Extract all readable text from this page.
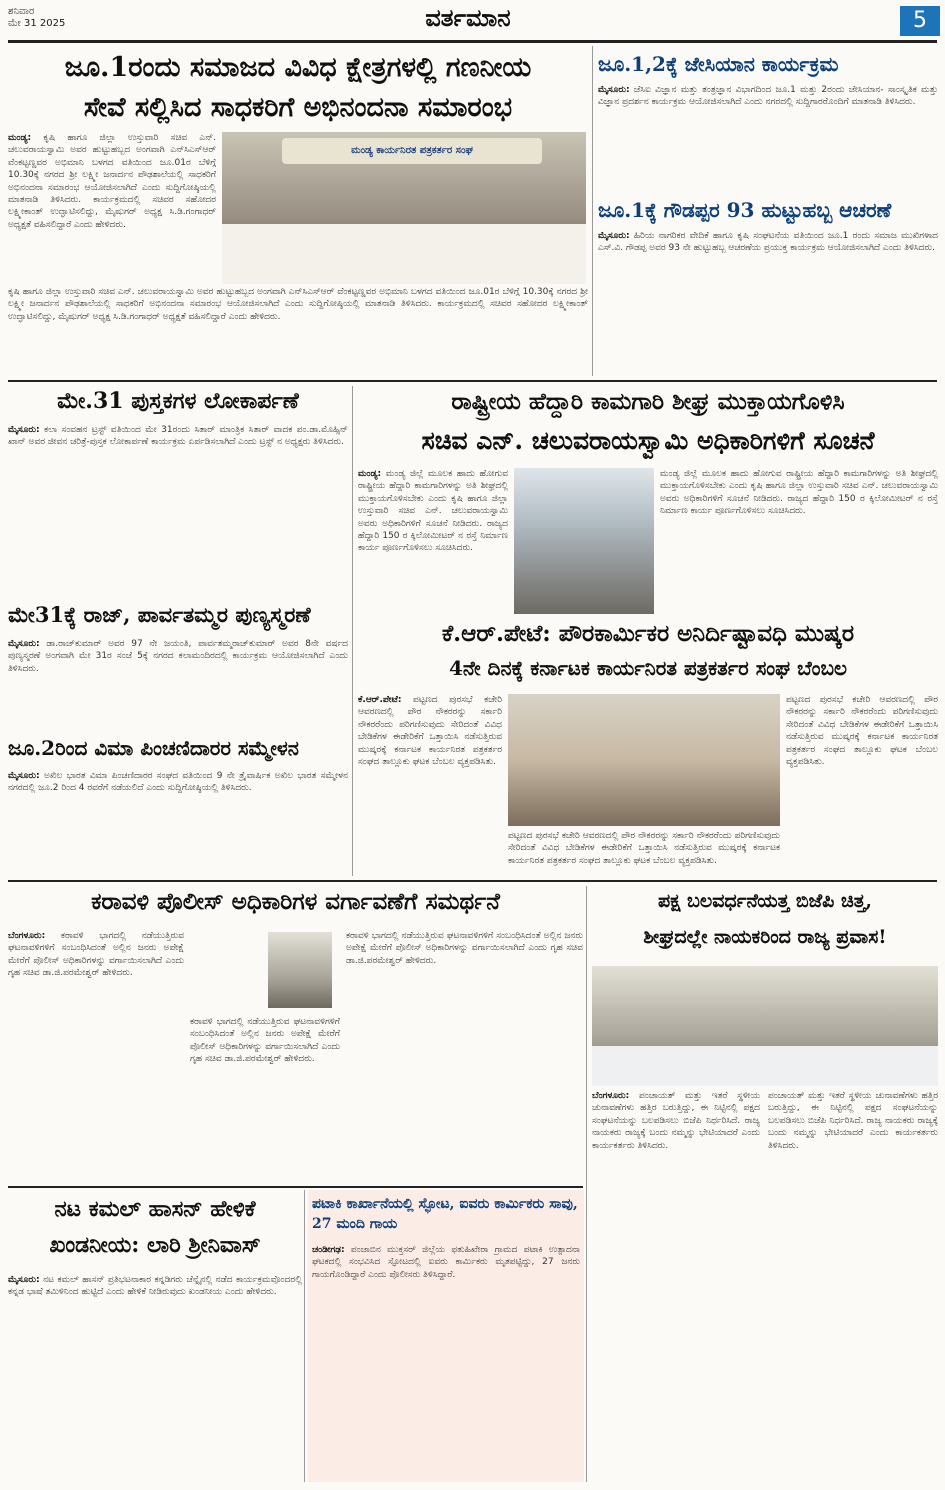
ಶನಿವಾರ
ಮೇ 31 2025	ವರ್ತಮಾನ	5
ಜೂ.1ರಂದು ಸಮಾಜದ ವಿವಿಧ ಕ್ಷೇತ್ರಗಳಲ್ಲಿ ಗಣನೀಯ
ಸೇವೆ ಸಲ್ಲಿಸಿದ ಸಾಧಕರಿಗೆ ಅಭಿನಂದನಾ ಸಮಾರಂಭ
ಮಂಡ್ಯ: ಕೃಷಿ ಹಾಗೂ ಜಿಲ್ಲಾ ಉಸ್ತುವಾರಿ ಸಚಿವ ಎನ್. ಚಲುವರಾಯಸ್ವಾಮಿ ಅವರ ಹುಟ್ಟುಹಬ್ಬದ ಅಂಗವಾಗಿ ಎನ್‌ಸಿಎಸ್‌ಆರ್ ವೆಂಕಟ್ಟಣ್ಣವರ ಅಭಿಮಾನಿ ಬಳಗದ ವತಿಯಿಂದ ಜೂ.01ರ ಬೆಳಿಗ್ಗೆ 10.30ಕ್ಕೆ ನಗರದ ಶ್ರೀ ಲಕ್ಷ್ಮೀ ಜನಾರ್ದನ ಪೌಢಶಾಲೆಯಲ್ಲಿ ಸಾಧಕರಿಗೆ ಅಭಿನಂದನಾ ಸಮಾರಂಭ ಆಯೋಜಿಸಲಾಗಿದೆ ಎಂದು ಸುದ್ದಿಗೋಷ್ಠಿಯಲ್ಲಿ ಮಾತನಾಡಿ ತಿಳಿಸಿದರು. ಕಾರ್ಯಕ್ರಮದಲ್ಲಿ ಸಚಿವರ ಸಹೋದರ ಲಕ್ಷ್ಮೀಕಾಂತ್ ಉದ್ಘಾಟಿಸಲಿದ್ದು, ಮೈಷುಗರ್ ಅಧ್ಯಕ್ಷ ಸಿ.ಡಿ.ಗಂಗಾಧರ್ ಅಧ್ಯಕ್ಷತೆ ವಹಿಸಲಿದ್ದಾರೆ ಎಂದು ಹೇಳಿದರು.
ಮಂಡ್ಯ ಕಾರ್ಯನಿರತ ಪತ್ರಕರ್ತರ ಸಂಘ
ಕೃಷಿ ಹಾಗೂ ಜಿಲ್ಲಾ ಉಸ್ತುವಾರಿ ಸಚಿವ ಎನ್. ಚಲುವರಾಯಸ್ವಾಮಿ ಅವರ ಹುಟ್ಟುಹಬ್ಬದ ಅಂಗವಾಗಿ ಎನ್‌ಸಿಎಸ್‌ಆರ್ ವೆಂಕಟ್ಟಣ್ಣವರ ಅಭಿಮಾನಿ ಬಳಗದ ವತಿಯಿಂದ ಜೂ.01ರ ಬೆಳಿಗ್ಗೆ 10.30ಕ್ಕೆ ನಗರದ ಶ್ರೀ ಲಕ್ಷ್ಮೀ ಜನಾರ್ದನ ಪೌಢಶಾಲೆಯಲ್ಲಿ ಸಾಧಕರಿಗೆ ಅಭಿನಂದನಾ ಸಮಾರಂಭ ಆಯೋಜಿಸಲಾಗಿದೆ ಎಂದು ಸುದ್ದಿಗೋಷ್ಠಿಯಲ್ಲಿ ಮಾತನಾಡಿ ತಿಳಿಸಿದರು. ಕಾರ್ಯಕ್ರಮದಲ್ಲಿ ಸಚಿವರ ಸಹೋದರ ಲಕ್ಷ್ಮೀಕಾಂತ್ ಉದ್ಘಾಟಿಸಲಿದ್ದು, ಮೈಷುಗರ್ ಅಧ್ಯಕ್ಷ ಸಿ.ಡಿ.ಗಂಗಾಧರ್ ಅಧ್ಯಕ್ಷತೆ ವಹಿಸಲಿದ್ದಾರೆ ಎಂದು ಹೇಳಿದರು.
ಜೂ.1,2ಕ್ಕೆ ಜೇಸಿಯಾನ ಕಾರ್ಯಕ್ರಮ
ಮೈಸೂರು: ಜೆಸಿಐ ವಿಜ್ಞಾನ ಮತ್ತು ತಂತ್ರಜ್ಞಾನ ವಿಭಾಗದಿಂದ ಜೂ.1 ಮತ್ತು 2ರಂದು ಜೇಸಿಯಾನ- ಸಾಂಸ್ಕೃತಿಕ ಮತ್ತು ವಿಜ್ಞಾನ ಪ್ರದರ್ಶನ ಕಾರ್ಯಕ್ರಮ ಆಯೋಜಿಸಲಾಗಿದೆ ಎಂದು ನಗರದಲ್ಲಿ ಸುದ್ದಿಗಾರರೊಂದಿಗೆ ಮಾತನಾಡಿ ತಿಳಿಸಿದರು.
ಜೂ.1ಕ್ಕೆ ಗೌಡಪ್ಪರ 93 ಹುಟ್ಟುಹಬ್ಬ ಆಚರಣೆ
ಮೈಸೂರು: ಹಿರಿಯ ನಾಗರಿಕರ ವೇದಿಕೆ ಹಾಗೂ ಕೃಷಿ ಸಂಘಟನೆಯ ವತಿಯಿಂದ ಜೂ.1 ರಂದು ಸಮಾಜ ಮುಖಿಗಳಾದ ಎಸ್.ವಿ. ಗೌಡಪ್ಪ ಅವರ 93 ನೇ ಹುಟ್ಟುಹಬ್ಬ ಆಚರಣೆಯ ಪ್ರಯುಕ್ತ ಕಾರ್ಯಕ್ರಮ ಆಯೋಜಿಸಲಾಗಿದೆ ಎಂದು ತಿಳಿಸಿದರು.
ಮೇ.31 ಪುಸ್ತಕಗಳ ಲೋಕಾರ್ಪಣೆ
ಮೈಸೂರು: ಕಲಾ ಸಂವಹನ ಟ್ರಸ್ಟ್ ವತಿಯಿಂದ ಮೇ 31ರಂದು ಸಿತಾರ್ ಮಾಂತ್ರಿಕ ಸಿತಾರ್ ವಾದಕ ಪಂ.ಡಾ.ಮೊಹ್ಸಿನ್ ಖಾನ್ ಅವರ ಜೀವನ ಚರಿತ್ರೆ-ಪುಸ್ತಕ ಲೋಕಾರ್ಪಣೆ ಕಾರ್ಯಕ್ರಮ ಏರ್ಪಡಿಸಲಾಗಿದೆ ಎಂದು ಟ್ರಸ್ಟ್ ನ ಅಧ್ಯಕ್ಷರು ತಿಳಿಸಿದರು.
ಮೇ31ಕ್ಕೆ ರಾಜ್, ಪಾರ್ವತಮ್ಮರ ಪುಣ್ಯಸ್ಮರಣೆ
ಮೈಸೂರು: ಡಾ.ರಾಜ್‌ಕುಮಾರ್ ಅವರ 97 ನೇ ಜಯಂತಿ, ಪಾರ್ವತಮ್ಮರಾಜ್‌ಕುಮಾರ್ ಅವರ 8ನೇ ವರ್ಷದ ಪುಣ್ಯಸ್ಮರಣೆ ಅಂಗವಾಗಿ ಮೇ 31ರ ಸಂಜೆ 5ಕ್ಕೆ ನಗರದ ಕಲಾಮಂದಿರದಲ್ಲಿ ಕಾರ್ಯಕ್ರಮ ಆಯೋಜಿಸಲಾಗಿದೆ ಎಂದು ತಿಳಿಸಿದರು.
ಜೂ.2ರಿಂದ ವಿಮಾ ಪಿಂಚಣಿದಾರರ ಸಮ್ಮೇಳನ
ಮೈಸೂರು: ಅಖಿಲ ಭಾರತ ವಿಮಾ ಪಿಂಚಣಿದಾರರ ಸಂಘದ ವತಿಯಿಂದ 9 ನೇ ತ್ರೈವಾರ್ಷಿಕ ಅಖಿಲ ಭಾರತ ಸಮ್ಮೇಳನ ನಗರದಲ್ಲಿ ಜೂ.2 ರಿಂದ 4 ರವರೆಗೆ ನಡೆಯಲಿದೆ ಎಂದು ಸುದ್ದಿಗೋಷ್ಠಿಯಲ್ಲಿ ತಿಳಿಸಿದರು.
ರಾಷ್ಟ್ರೀಯ ಹೆದ್ದಾರಿ ಕಾಮಗಾರಿ ಶೀಘ್ರ ಮುಕ್ತಾಯಗೊಳಿಸಿ
ಸಚಿವ ಎನ್. ಚಲುವರಾಯಸ್ವಾಮಿ ಅಧಿಕಾರಿಗಳಿಗೆ ಸೂಚನೆ
ಮಂಡ್ಯ: ಮಂಡ್ಯ ಜಿಲ್ಲೆ ಮೂಲಕ ಹಾದು ಹೋಗುವ ರಾಷ್ಟ್ರೀಯ ಹೆದ್ದಾರಿ ಕಾಮಗಾರಿಗಳನ್ನು ಅತಿ ಶೀಘ್ರದಲ್ಲಿ ಮುಕ್ತಾಯಗೊಳಿಸಬೇಕು ಎಂದು ಕೃಷಿ ಹಾಗೂ ಜಿಲ್ಲಾ ಉಸ್ತುವಾರಿ ಸಚಿವ ಎನ್. ಚಲುವರಾಯಸ್ವಾಮಿ ಅವರು ಅಧಿಕಾರಿಗಳಿಗೆ ಸೂಚನೆ ನೀಡಿದರು. ರಾಜ್ಯದ ಹೆದ್ದಾರಿ 150 ರ ಕ್ಕಿಲೋಮೀಟರ್ ನ ರಸ್ತೆ ನಿರ್ಮಾಣ ಕಾರ್ಯ ಪೂರ್ಣಗೊಳಿಸಲು ಸೂಚಿಸಿದರು.
ಮಂಡ್ಯ ಜಿಲ್ಲೆ ಮೂಲಕ ಹಾದು ಹೋಗುವ ರಾಷ್ಟ್ರೀಯ ಹೆದ್ದಾರಿ ಕಾಮಗಾರಿಗಳನ್ನು ಅತಿ ಶೀಘ್ರದಲ್ಲಿ ಮುಕ್ತಾಯಗೊಳಿಸಬೇಕು ಎಂದು ಕೃಷಿ ಹಾಗೂ ಜಿಲ್ಲಾ ಉಸ್ತುವಾರಿ ಸಚಿವ ಎನ್. ಚಲುವರಾಯಸ್ವಾಮಿ ಅವರು ಅಧಿಕಾರಿಗಳಿಗೆ ಸೂಚನೆ ನೀಡಿದರು. ರಾಜ್ಯದ ಹೆದ್ದಾರಿ 150 ರ ಕ್ಕಿಲೋಮೀಟರ್ ನ ರಸ್ತೆ ನಿರ್ಮಾಣ ಕಾರ್ಯ ಪೂರ್ಣಗೊಳಿಸಲು ಸೂಚಿಸಿದರು.
ಕೆ.ಆರ್.ಪೇಟೆ: ಪೌರಕಾರ್ಮಿಕರ ಅನಿರ್ದಿಷ್ಟಾವಧಿ ಮುಷ್ಕರ
4ನೇ ದಿನಕ್ಕೆ ಕರ್ನಾಟಕ ಕಾರ್ಯನಿರತ ಪತ್ರಕರ್ತರ ಸಂಘ ಬೆಂಬಲ
ಕೆ.ಆರ್.ಪೇಟೆ: ಪಟ್ಟಣದ ಪುರಸಭೆ ಕಚೇರಿ ಆವರಣದಲ್ಲಿ ಪೌರ ನೌಕರರನ್ನು ಸರ್ಕಾರಿ ನೌಕರರೆಂದು ಪರಿಗಣಿಸುವುದು ಸೇರಿದಂತೆ ವಿವಿಧ ಬೇಡಿಕೆಗಳ ಈಡೇರಿಕೆಗೆ ಒತ್ತಾಯಿಸಿ ನಡೆಸುತ್ತಿರುವ ಮುಷ್ಕರಕ್ಕೆ ಕರ್ನಾಟಕ ಕಾರ್ಯನಿರತ ಪತ್ರಕರ್ತರ ಸಂಘದ ತಾಲ್ಲೂಕು ಘಟಕ ಬೆಂಬಲ ವ್ಯಕ್ತಪಡಿಸಿತು.
ಪಟ್ಟಣದ ಪುರಸಭೆ ಕಚೇರಿ ಆವರಣದಲ್ಲಿ ಪೌರ ನೌಕರರನ್ನು ಸರ್ಕಾರಿ ನೌಕರರೆಂದು ಪರಿಗಣಿಸುವುದು ಸೇರಿದಂತೆ ವಿವಿಧ ಬೇಡಿಕೆಗಳ ಈಡೇರಿಕೆಗೆ ಒತ್ತಾಯಿಸಿ ನಡೆಸುತ್ತಿರುವ ಮುಷ್ಕರಕ್ಕೆ ಕರ್ನಾಟಕ ಕಾರ್ಯನಿರತ ಪತ್ರಕರ್ತರ ಸಂಘದ ತಾಲ್ಲೂಕು ಘಟಕ ಬೆಂಬಲ ವ್ಯಕ್ತಪಡಿಸಿತು.
ಪಟ್ಟಣದ ಪುರಸಭೆ ಕಚೇರಿ ಆವರಣದಲ್ಲಿ ಪೌರ ನೌಕರರನ್ನು ಸರ್ಕಾರಿ ನೌಕರರೆಂದು ಪರಿಗಣಿಸುವುದು ಸೇರಿದಂತೆ ವಿವಿಧ ಬೇಡಿಕೆಗಳ ಈಡೇರಿಕೆಗೆ ಒತ್ತಾಯಿಸಿ ನಡೆಸುತ್ತಿರುವ ಮುಷ್ಕರಕ್ಕೆ ಕರ್ನಾಟಕ ಕಾರ್ಯನಿರತ ಪತ್ರಕರ್ತರ ಸಂಘದ ತಾಲ್ಲೂಕು ಘಟಕ ಬೆಂಬಲ ವ್ಯಕ್ತಪಡಿಸಿತು.
ಕರಾವಳಿ ಪೊಲೀಸ್ ಅಧಿಕಾರಿಗಳ ವರ್ಗಾವಣೆಗೆ ಸಮರ್ಥನೆ
ಬೆಂಗಳೂರು: ಕರಾವಳಿ ಭಾಗದಲ್ಲಿ ನಡೆಯುತ್ತಿರುವ ಘಟನಾವಳಿಗಳಿಗೆ ಸಂಬಂಧಿಸಿದಂತೆ ಅಲ್ಲಿನ ಜನರು ಅಪೇಕ್ಷೆ ಮೇರೆಗೆ ಪೊಲೀಸ್ ಅಧಿಕಾರಿಗಳನ್ನು ವರ್ಗಾಯಿಸಲಾಗಿದೆ ಎಂದು ಗೃಹ ಸಚಿವ ಡಾ.ಜಿ.ಪರಮೇಶ್ವರ್ ಹೇಳಿದರು.
ಕರಾವಳಿ ಭಾಗದಲ್ಲಿ ನಡೆಯುತ್ತಿರುವ ಘಟನಾವಳಿಗಳಿಗೆ ಸಂಬಂಧಿಸಿದಂತೆ ಅಲ್ಲಿನ ಜನರು ಅಪೇಕ್ಷೆ ಮೇರೆಗೆ ಪೊಲೀಸ್ ಅಧಿಕಾರಿಗಳನ್ನು ವರ್ಗಾಯಿಸಲಾಗಿದೆ ಎಂದು ಗೃಹ ಸಚಿವ ಡಾ.ಜಿ.ಪರಮೇಶ್ವರ್ ಹೇಳಿದರು.
ಕರಾವಳಿ ಭಾಗದಲ್ಲಿ ನಡೆಯುತ್ತಿರುವ ಘಟನಾವಳಿಗಳಿಗೆ ಸಂಬಂಧಿಸಿದಂತೆ ಅಲ್ಲಿನ ಜನರು ಅಪೇಕ್ಷೆ ಮೇರೆಗೆ ಪೊಲೀಸ್ ಅಧಿಕಾರಿಗಳನ್ನು ವರ್ಗಾಯಿಸಲಾಗಿದೆ ಎಂದು ಗೃಹ ಸಚಿವ ಡಾ.ಜಿ.ಪರಮೇಶ್ವರ್ ಹೇಳಿದರು.
ಪಕ್ಷ ಬಲವರ್ಧನೆಯತ್ತ ಬಿಜೆಪಿ ಚಿತ್ತ,
ಶೀಘ್ರದಲ್ಲೇ ನಾಯಕರಿಂದ ರಾಜ್ಯ ಪ್ರವಾಸ!
ಬೆಂಗಳೂರು: ಪಂಚಾಯತ್ ಮತ್ತು ಇತರೆ ಸ್ಥಳೀಯ ಚುನಾವಣೆಗಳು ಹತ್ತಿರ ಬರುತ್ತಿದ್ದು, ಈ ನಿಟ್ಟಿನಲ್ಲಿ ಪಕ್ಷದ ಸಂಘಟನೆಯನ್ನು ಬಲಪಡಿಸಲು ಬಿಜೆಪಿ ನಿರ್ಧರಿಸಿದೆ. ರಾಜ್ಯ ನಾಯಕರು ರಾಜ್ಯಕ್ಕೆ ಬಂದು ನಮ್ಮನ್ನು ಭೇಟಿಯಾದರೆ ಎಂದು ಕಾರ್ಯಕರ್ತರು ತಿಳಿಸಿದರು.
ಪಂಚಾಯತ್ ಮತ್ತು ಇತರೆ ಸ್ಥಳೀಯ ಚುನಾವಣೆಗಳು ಹತ್ತಿರ ಬರುತ್ತಿದ್ದು, ಈ ನಿಟ್ಟಿನಲ್ಲಿ ಪಕ್ಷದ ಸಂಘಟನೆಯನ್ನು ಬಲಪಡಿಸಲು ಬಿಜೆಪಿ ನಿರ್ಧರಿಸಿದೆ. ರಾಜ್ಯ ನಾಯಕರು ರಾಜ್ಯಕ್ಕೆ ಬಂದು ನಮ್ಮನ್ನು ಭೇಟಿಯಾದರೆ ಎಂದು ಕಾರ್ಯಕರ್ತರು ತಿಳಿಸಿದರು.
ನಟ ಕಮಲ್ ಹಾಸನ್ ಹೇಳಿಕೆ
ಖಂಡನೀಯ: ಲಾರಿ ಶ್ರೀನಿವಾಸ್
ಮೈಸೂರು: ನಟ ಕಮಲ್ ಹಾಸನ್ ಪ್ರತಿಭಟನಾಕಾರ ಕನ್ನಡಿಗರು ಚೆನ್ನೈನಲ್ಲಿ ನಡೆದ ಕಾರ್ಯಕ್ರಮವೊಂದರಲ್ಲಿ ಕನ್ನಡ ಭಾಷೆ ತಮಿಳಿನಿಂದ ಹುಟ್ಟಿದೆ ಎಂದು ಹೇಳಿಕೆ ನೀಡಿರುವುದು ಖಂಡನೀಯ ಎಂದು ಹೇಳಿದರು.
ಪಟಾಕಿ ಕಾರ್ಖಾನೆಯಲ್ಲಿ ಸ್ಫೋಟ, ಐವರು ಕಾರ್ಮಿಕರು ಸಾವು, 27 ಮಂದಿ ಗಾಯ
ಚಂಡೀಗಢ: ಪಂಜಾಬಿನ ಮುಕ್ತಸರ್ ಜಿಲ್ಲೆಯ ಫತುಹಿಖೇರಾ ಗ್ರಾಮದ ಪಟಾಕಿ ಉತ್ಪಾದನಾ ಘಟಕದಲ್ಲಿ ಸಂಭವಿಸಿದ ಸ್ಫೋಟದಲ್ಲಿ ಐವರು ಕಾರ್ಮಿಕರು ಮೃತಪಟ್ಟಿದ್ದು, 27 ಜನರು ಗಾಯಗೊಂಡಿದ್ದಾರೆ ಎಂದು ಪೊಲೀಸರು ತಿಳಿಸಿದ್ದಾರೆ.
